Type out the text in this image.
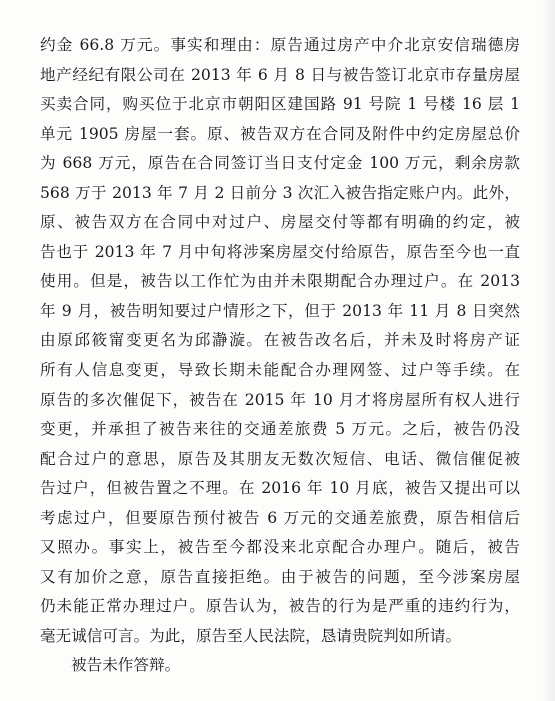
约金 66.8 万元。事实和理由：原告通过房产中介北京安信瑞德房
地产经纪有限公司在 2013 年 6 月 8 日与被告签订北京市存量房屋
买卖合同，购买位于北京市朝阳区建国路 91 号院 1 号楼 16 层 1
单元 1905 房屋一套。原、被告双方在合同及附件中约定房屋总价
为 668 万元，原告在合同签订当日支付定金 100 万元，剩余房款
568 万于 2013 年 7 月 2 日前分 3 次汇入被告指定账户内。此外，
原、被告双方在合同中对过户、房屋交付等都有明确的约定，被
告也于 2013 年 7 月中旬将涉案房屋交付给原告，原告至今也一直
使用。但是，被告以工作忙为由并未限期配合办理过户。在 2013
年 9 月，被告明知要过户情形之下，但于 2013 年 11 月 8 日突然
由原邱筱甯变更名为邱瀞漩。在被告改名后，并未及时将房产证
所有人信息变更，导致长期未能配合办理网签、过户等手续。在
原告的多次催促下，被告在 2015 年 10 月才将房屋所有权人进行
变更，并承担了被告来往的交通差旅费 5 万元。之后，被告仍没
配合过户的意思，原告及其朋友无数次短信、电话、微信催促被
告过户，但被告置之不理。在 2016 年 10 月底，被告又提出可以
考虑过户，但要原告预付被告 6 万元的交通差旅费，原告相信后
又照办。事实上，被告至今都没来北京配合办理户。随后，被告
又有加价之意，原告直接拒绝。由于被告的问题，至今涉案房屋
仍未能正常办理过户。原告认为，被告的行为是严重的违约行为，
毫无诚信可言。为此，原告至人民法院，恳请贵院判如所请。
被告未作答辩。
